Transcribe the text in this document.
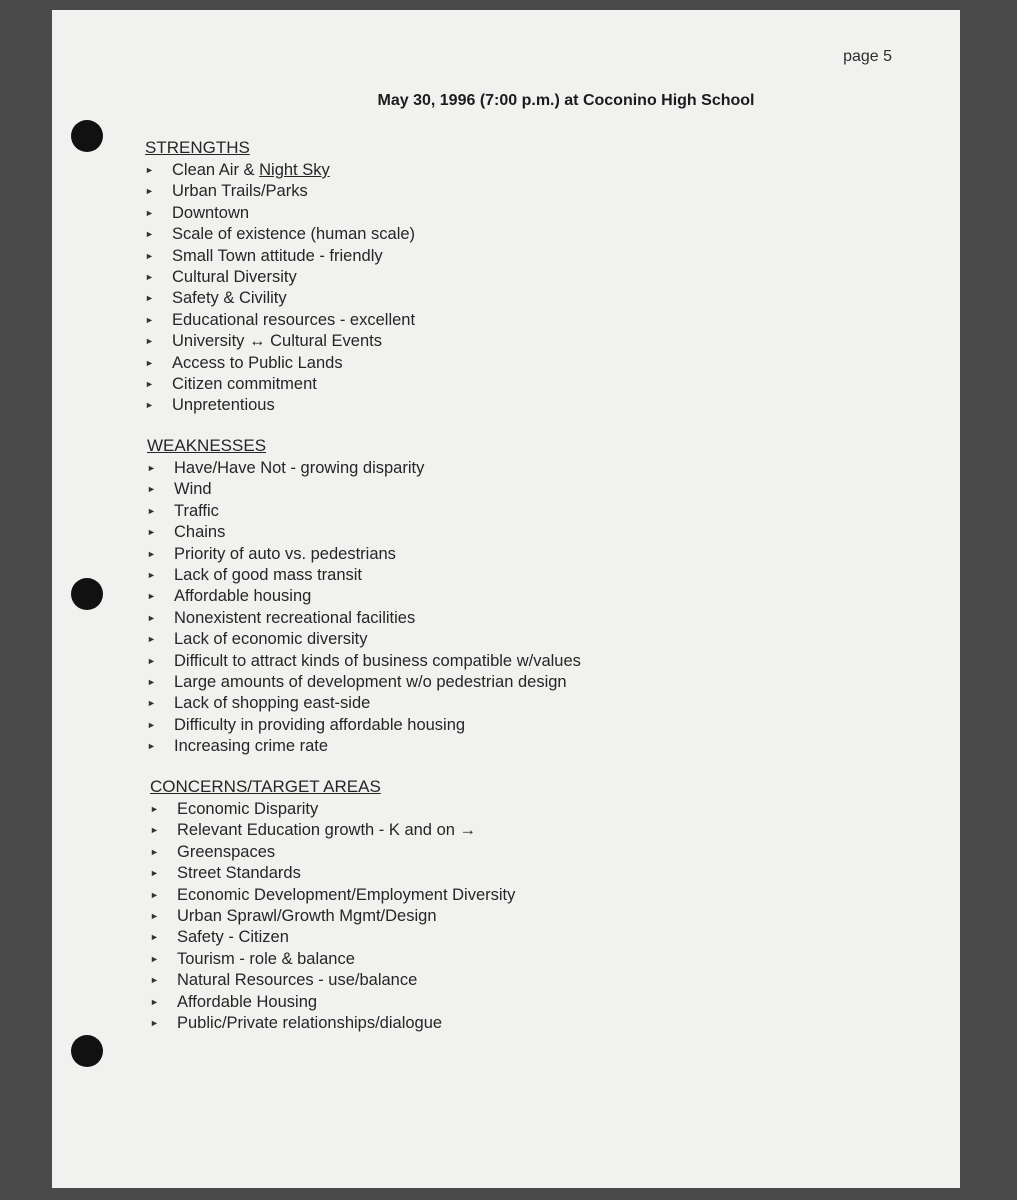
page 5
May 30, 1996 (7:00 p.m.) at Coconino High School
STRENGTHS
► Clean Air & Night Sky
► Urban Trails/Parks
► Downtown
► Scale of existence (human scale)
► Small Town attitude - friendly
► Cultural Diversity
► Safety & Civility
► Educational resources - excellent
► University ↔ Cultural Events
► Access to Public Lands
► Citizen commitment
► Unpretentious
WEAKNESSES
► Have/Have Not - growing disparity
► Wind
► Traffic
► Chains
► Priority of auto vs. pedestrians
► Lack of good mass transit
► Affordable housing
► Nonexistent recreational facilities
► Lack of economic diversity
► Difficult to attract kinds of business compatible w/values
► Large amounts of development w/o pedestrian design
► Lack of shopping east-side
► Difficulty in providing affordable housing
► Increasing crime rate
CONCERNS/TARGET AREAS
► Economic Disparity
► Relevant Education growth - K and on →
► Greenspaces
► Street Standards
► Economic Development/Employment Diversity
► Urban Sprawl/Growth Mgmt/Design
► Safety - Citizen
► Tourism - role & balance
► Natural Resources - use/balance
► Affordable Housing
► Public/Private relationships/dialogue
